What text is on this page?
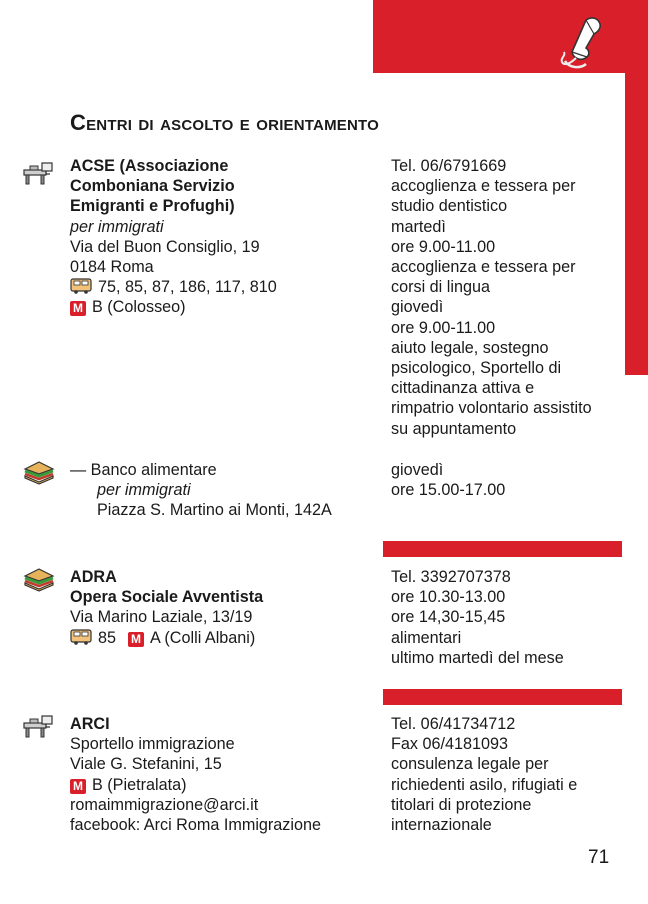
Centri di ascolto e orientamento
ACSE (Associazione
Comboniana Servizio
Emigranti e Profughi)
per immigrati
Via del Buon Consiglio, 19
0184 Roma
75, 85, 87, 186, 117, 810
M B (Colosseo)
Tel. 06/6791669
accoglienza e tessera per
studio dentistico
martedì
ore 9.00-11.00
accoglienza e tessera per
corsi di lingua
giovedì
ore 9.00-11.00
aiuto legale, sostegno
psicologico, Sportello di
cittadinanza attiva e
rimpatrio volontario assistito
su appuntamento
— Banco alimentare
per immigrati
Piazza S. Martino ai Monti, 142A
giovedì
ore 15.00-17.00
ADRA
Opera Sociale Avventista
Via Marino Laziale, 13/19
85 M A (Colli Albani)
Tel. 3392707378
ore 10.30-13.00
ore 14,30-15,45
alimentari
ultimo martedì del mese
ARCI
Sportello immigrazione
Viale G. Stefanini, 15
M B (Pietralata)
romaimmigrazione@arci.it
facebook: Arci Roma Immigrazione
Tel. 06/41734712
Fax 06/4181093
consulenza legale per
richiedenti asilo, rifugiati e
titolari di protezione
internazionale
71
